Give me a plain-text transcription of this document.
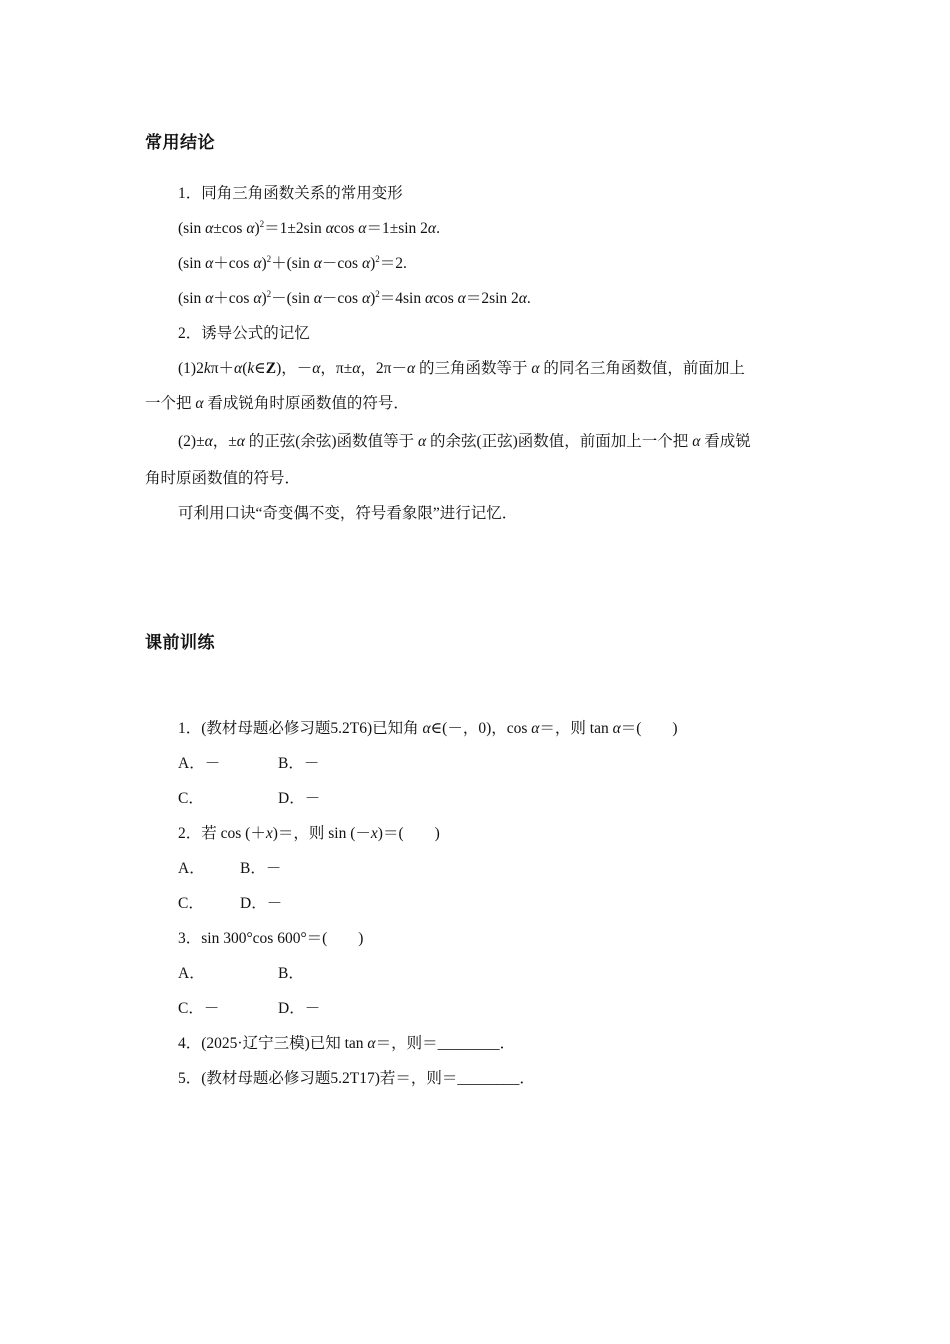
常用结论
1．同角三角函数关系的常用变形
(sin α±cos α)$^2$＝1±2sin αcos α＝1±sin 2α.
(sin α＋cos α)$^2$＋(sin α－cos α)$^2$＝2.
(sin α＋cos α)$^2$－(sin α－cos α)$^2$＝4sin αcos α＝2sin 2α.
2．诱导公式的记忆
(1)2kπ＋α(k∈Z)，－α，π±α，2π－α 的三角函数等于 α 的同名三角函数值，前面加上
一个把 α 看成锐角时原函数值的符号．
(2)±α，±α 的正弦(余弦)函数值等于 α 的余弦(正弦)函数值，前面加上一个把 α 看成锐
角时原函数值的符号．
可利用口诀“奇变偶不变，符号看象限”进行记忆．
课前训练
1．(教材母题必修习题5.2T6)已知角 α∈(－，0)，cos α＝，则 tan α＝(　　)
A．－	B．－
C．	D．－
2．若 cos (＋x)＝，则 sin (－x)＝(　　)
A． B．－
C． D．－
3．sin 300°cos 600°＝(　　)
A．	B．
C．－	D．－
4．(2025·辽宁三模)已知 tan α＝，则＝________．
5．(教材母题必修习题5.2T17)若＝，则＝________．
